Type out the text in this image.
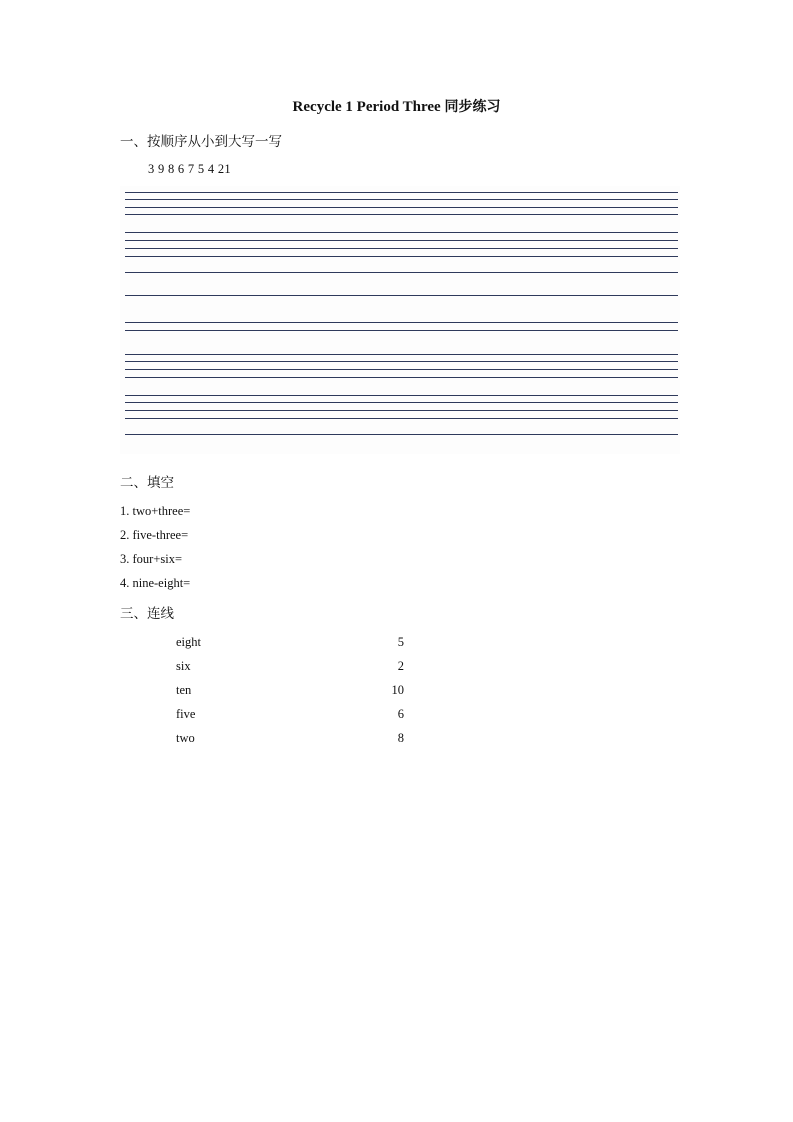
Recycle 1 Period Three 同步练习
一、按顺序从小到大写一写
3 9 8 6 7 5 4 21
二、填空
1. two+three=
2. five-three=
3. four+six=
4. nine-eight=
三、连线
eight
six
ten
five
two
5
2
10
6
8
